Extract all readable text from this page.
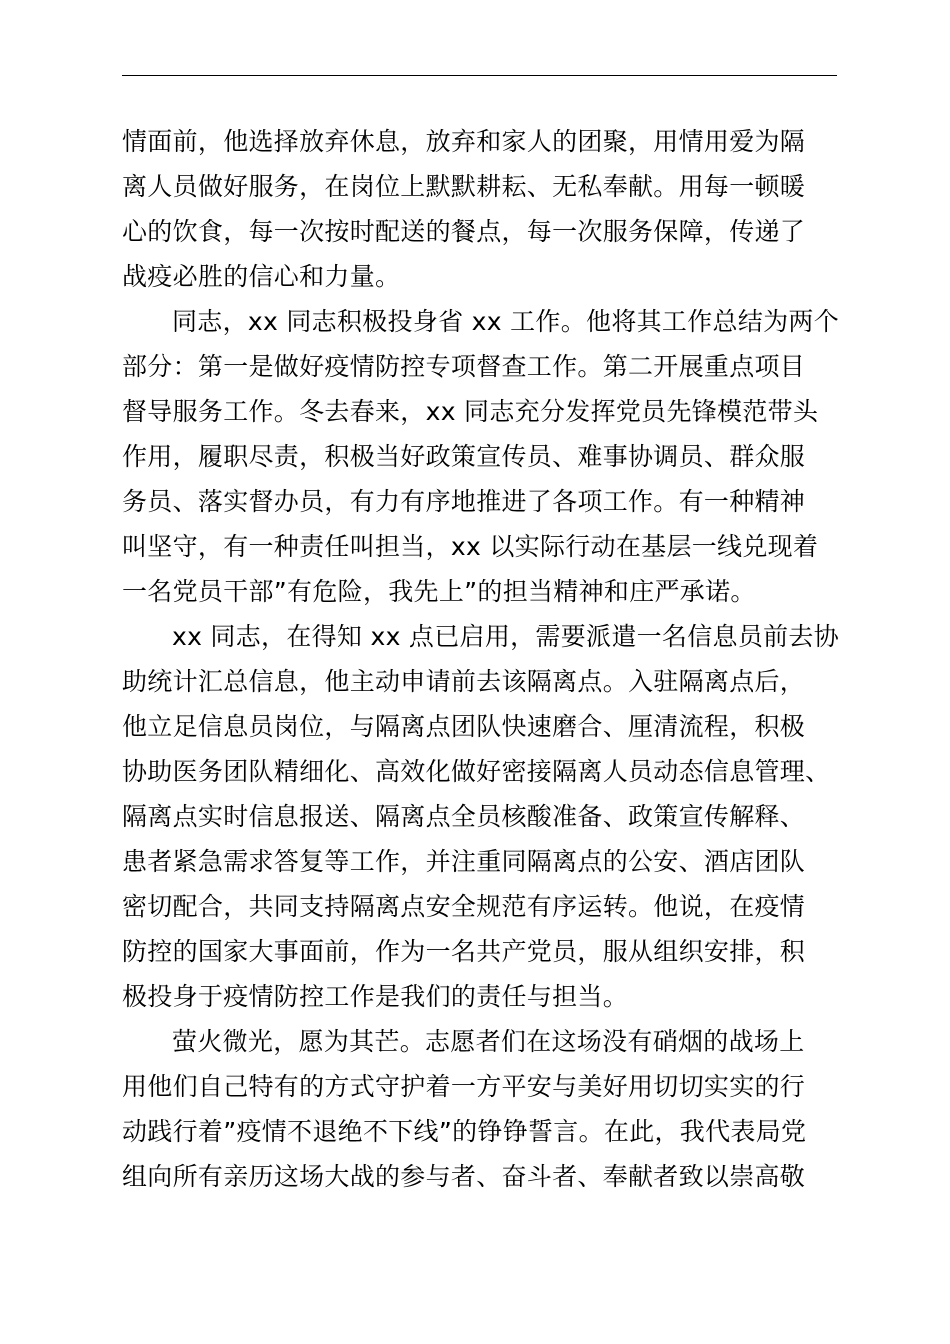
情面前，他选择放弃休息，放弃和家人的团聚，用情用爱为隔
离人员做好服务，在岗位上默默耕耘、无私奉献。用每一顿暖
心的饮食，每一次按时配送的餐点，每一次服务保障，传递了
战疫必胜的信心和力量。
同志，xx 同志积极投身省 xx 工作。他将其工作总结为两个
部分：第一是做好疫情防控专项督查工作。第二开展重点项目
督导服务工作。冬去春来，xx 同志充分发挥党员先锋模范带头
作用，履职尽责，积极当好政策宣传员、难事协调员、群众服
务员、落实督办员，有力有序地推进了各项工作。有一种精神
叫坚守，有一种责任叫担当，xx 以实际行动在基层一线兑现着
一名党员干部”有危险，我先上”的担当精神和庄严承诺。
xx 同志，在得知 xx 点已启用，需要派遣一名信息员前去协
助统计汇总信息，他主动申请前去该隔离点。入驻隔离点后，
他立足信息员岗位，与隔离点团队快速磨合、厘清流程，积极
协助医务团队精细化、高效化做好密接隔离人员动态信息管理、
隔离点实时信息报送、隔离点全员核酸准备、政策宣传解释、
患者紧急需求答复等工作，并注重同隔离点的公安、酒店团队
密切配合，共同支持隔离点安全规范有序运转。他说，在疫情
防控的国家大事面前，作为一名共产党员，服从组织安排，积
极投身于疫情防控工作是我们的责任与担当。
萤火微光，愿为其芒。志愿者们在这场没有硝烟的战场上
用他们自己特有的方式守护着一方平安与美好用切切实实的行
动践行着”疫情不退绝不下线”的铮铮誓言。在此，我代表局党
组向所有亲历这场大战的参与者、奋斗者、奉献者致以崇高敬
